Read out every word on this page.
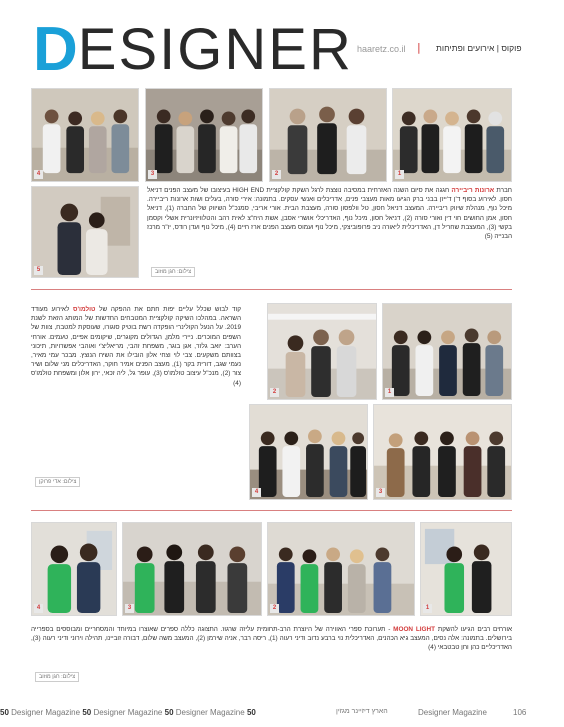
D ESIGNER haaretz.co.il | פוקוס | אירועים ופתיחות
4	3	2	1
5

חברת ארונות ריביירה חגגה את סיום השנה האזרחית במסיבה נוצצת לרגל השקת קולקציית HIGH END בעיצובו של מעצב הפנים דניאל חסון. לאירוע בסוף ד'ן ד'ייזן בבני ברק הגיעו מאות מעצבי פנים, אדריכלים ואנשי עסקים. בתמונה: אירי סורה, בעלים ושות ארונות ריביירה. מיכל נוף, מנהלת שיווק ריביירה. המעצב דניאל חסון, טל וולפסון סורה, מעצבת הבית. אורי אריבי, סמנכ"ל השיווק של החברה (1), דניאל חסון, אמן החושים חוי דין ואורי סורה (2), דניאל חסון, מיכל נוף, האדריכלי אושרי אסבן, אשת היח"צ לאית רהב והטלוויזיונרית אשלי וקסמן בקשי (3), המעצבת שחריל דן, האדריכלית ליאורה ניב פרופוביצקי, מיכל נוף ועמוס מעצב הפנים ארז חיים (4), מיכל נוף ועדן רודס, יו"ר מרכז הבנייה (5)

צילום: חגן מוזוב
2	1
4	3

קוד לבוש שכלל עליים יפות חתם את ההפקה של טולמו'ס לאירוע מעודד השראה. במהלכו השיקה קולקציית המטבחים החדשות של המותג הזאת לשנת 2019. על הנעל הקולינרי הופקדה רשת בוטיק סוגורו, שעוסקת למטבח, צוות של השפים המוכרים. ניירי מלמן, הגדולים מקוגרים, שיקומים אפיים, טעמים. אורחי הערב: יואב גלזר, אגן בוגר, משפחת זהבי, מריאליצ'י ואוהבי אפשרויות, תיכוני בצוותם משקעים. צבי לוי וצחי אלון הובילו את השיח הנוצץ. מבכר עמי מאיר, נעמי שגב, דורית בקר (1), מעצב הפנים אמיר חוקר, האדריכלים מני שלום ושיר צור (2), מנכ"ל עיצוב טולמו'ס (3), עופר גל, ליה זכאי, ירון אלון ומשפחת טולמו'ס (4)

צילום: אדי פרוקן
4	3	2	1

אורחים רבים הגיעו להשקת MOON LIGHT - תערוכת ספרי האווירה של היוצרת הרב-תחומית עליזה שרגוז. התצוגה כללה ספרים שאוצרו במיוחד והמסחריים ומבוססים בספרייה בירושלים. בתמונה: אלה נסים, המעצב גיא הכהנים, האדריכלית נוי ברבע נדוב ודיני רעוה (1), ריסה רבר, אניה שירמן (2), המעצב משה שלום, דבורה זוביינו, תהילה וירוני ודיני רעוה (3), האדריכליים כהן וחן טבטבאי (4)

צילום: חגן מוזוב
50 Designer Magazine 50 Designer Magazine 50 Designer Magazine 50	הארץ דיזיינר מגזין	Designer Magazine	106
